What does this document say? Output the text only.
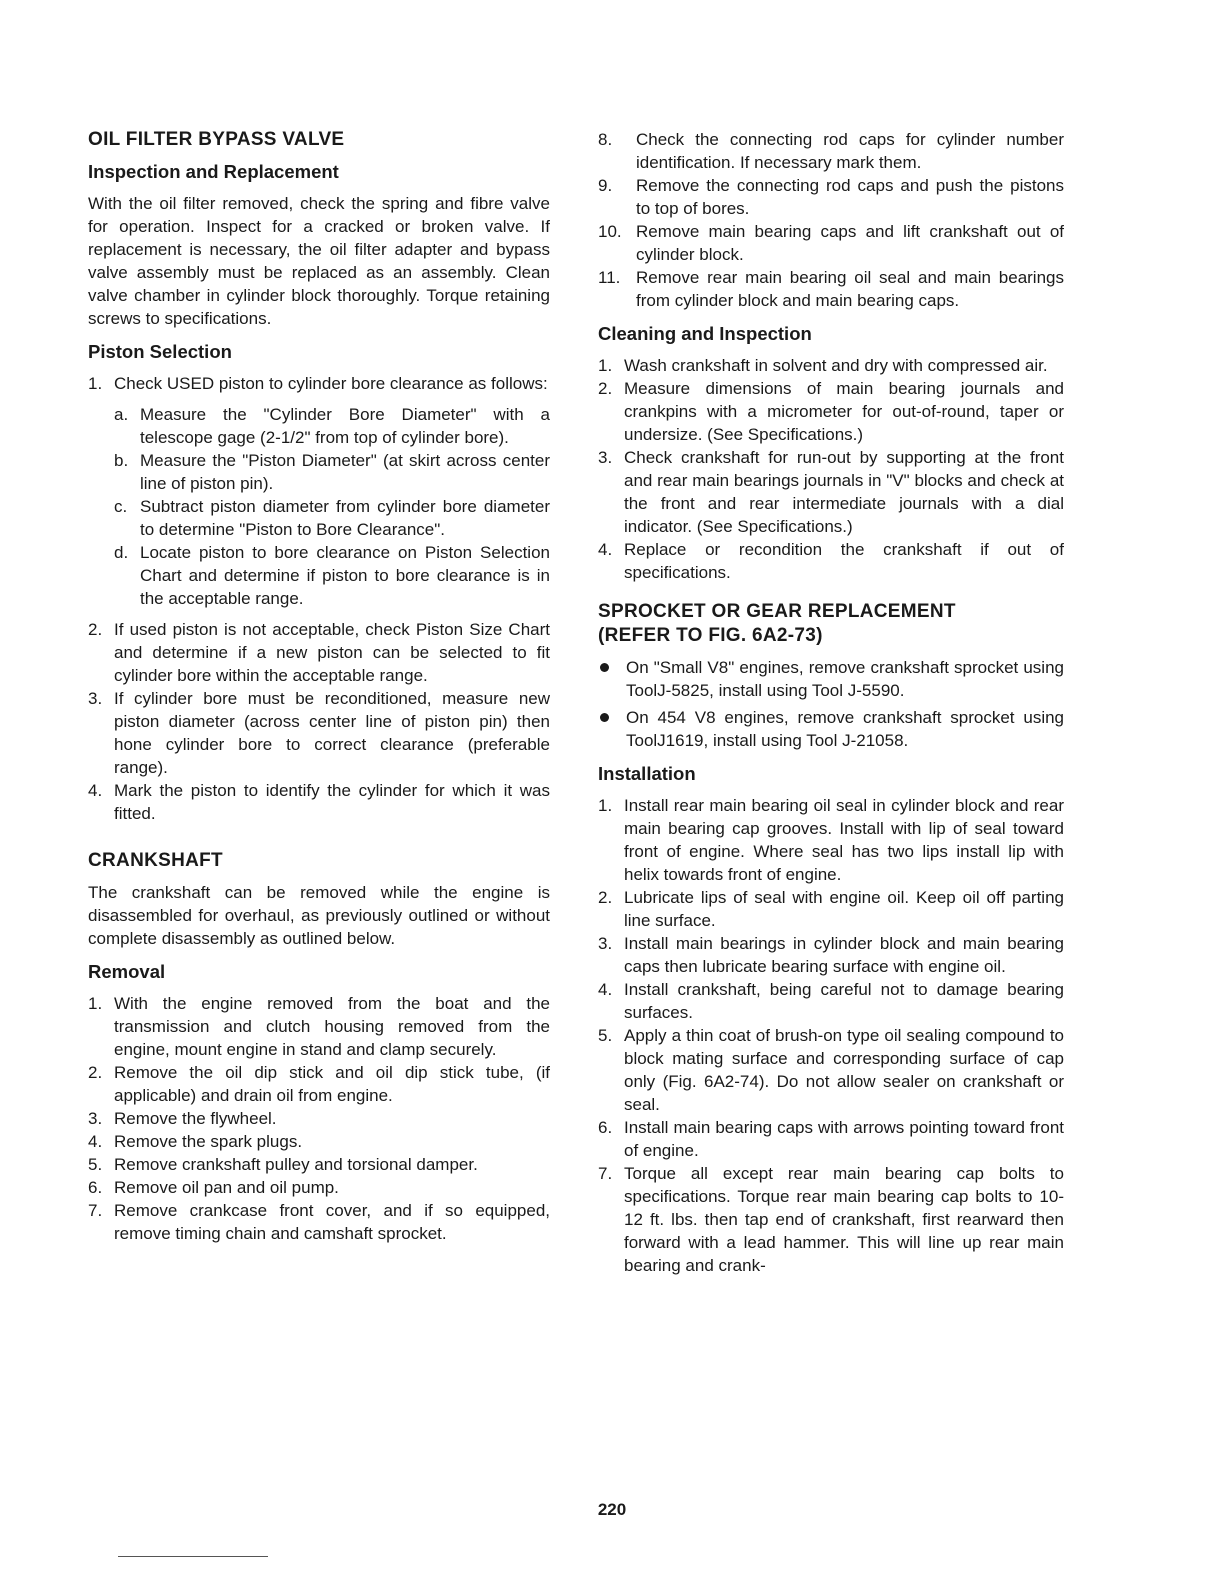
OIL FILTER BYPASS VALVE
Inspection and Replacement

With the oil filter removed, check the spring and fibre valve for operation. Inspect for a cracked or broken valve. If replacement is necessary, the oil filter adapter and bypass valve assembly must be replaced as an assembly. Clean valve chamber in cylinder block thoroughly. Torque retaining screws to specifications.

Piston Selection
1. Check USED piston to cylinder bore clearance as follows:
a. Measure the "Cylinder Bore Diameter" with a telescope gage (2-1/2" from top of cylinder bore).
b. Measure the "Piston Diameter" (at skirt across center line of piston pin).
c. Subtract piston diameter from cylinder bore diameter to determine "Piston to Bore Clearance".
d. Locate piston to bore clearance on Piston Selection Chart and determine if piston to bore clearance is in the acceptable range.
2. If used piston is not acceptable, check Piston Size Chart and determine if a new piston can be selected to fit cylinder bore within the acceptable range.
3. If cylinder bore must be reconditioned, measure new piston diameter (across center line of piston pin) then hone cylinder bore to correct clearance (preferable range).
4. Mark the piston to identify the cylinder for which it was fitted.
CRANKSHAFT

The crankshaft can be removed while the engine is disassembled for overhaul, as previously outlined or without complete disassembly as outlined below.

Removal
1. With the engine removed from the boat and the transmission and clutch housing removed from the engine, mount engine in stand and clamp securely.
2. Remove the oil dip stick and oil dip stick tube, (if applicable) and drain oil from engine.
3. Remove the flywheel.
4. Remove the spark plugs.
5. Remove crankshaft pulley and torsional damper.
6. Remove oil pan and oil pump.
7. Remove crankcase front cover, and if so equipped, remove timing chain and camshaft sprocket.
8. Check the connecting rod caps for cylinder number identification. If necessary mark them.
9. Remove the connecting rod caps and push the pistons to top of bores.
10. Remove main bearing caps and lift crankshaft out of cylinder block.
11. Remove rear main bearing oil seal and main bearings from cylinder block and main bearing caps.
Cleaning and Inspection
1. Wash crankshaft in solvent and dry with compressed air.
2. Measure dimensions of main bearing journals and crankpins with a micrometer for out-of-round, taper or undersize. (See Specifications.)
3. Check crankshaft for run-out by supporting at the front and rear main bearings journals in "V" blocks and check at the front and rear intermediate journals with a dial indicator. (See Specifications.)
4. Replace or recondition the crankshaft if out of specifications.
SPROCKET OR GEAR REPLACEMENT
(REFER TO FIG. 6A2-73)
On "Small V8" engines, remove crankshaft sprocket using ToolJ-5825, install using Tool J-5590.
On 454 V8 engines, remove crankshaft sprocket using ToolJ1619, install using Tool J-21058.
Installation
1. Install rear main bearing oil seal in cylinder block and rear main bearing cap grooves. Install with lip of seal toward front of engine. Where seal has two lips install lip with helix towards front of engine.
2. Lubricate lips of seal with engine oil. Keep oil off parting line surface.
3. Install main bearings in cylinder block and main bearing caps then lubricate bearing surface with engine oil.
4. Install crankshaft, being careful not to damage bearing surfaces.
5. Apply a thin coat of brush-on type oil sealing compound to block mating surface and corresponding surface of cap only (Fig. 6A2-74). Do not allow sealer on crankshaft or seal.
6. Install main bearing caps with arrows pointing toward front of engine.
7. Torque all except rear main bearing cap bolts to specifications. Torque rear main bearing cap bolts to 10-12 ft. lbs. then tap end of crankshaft, first rearward then forward with a lead hammer. This will line up rear main bearing and crank-
220
